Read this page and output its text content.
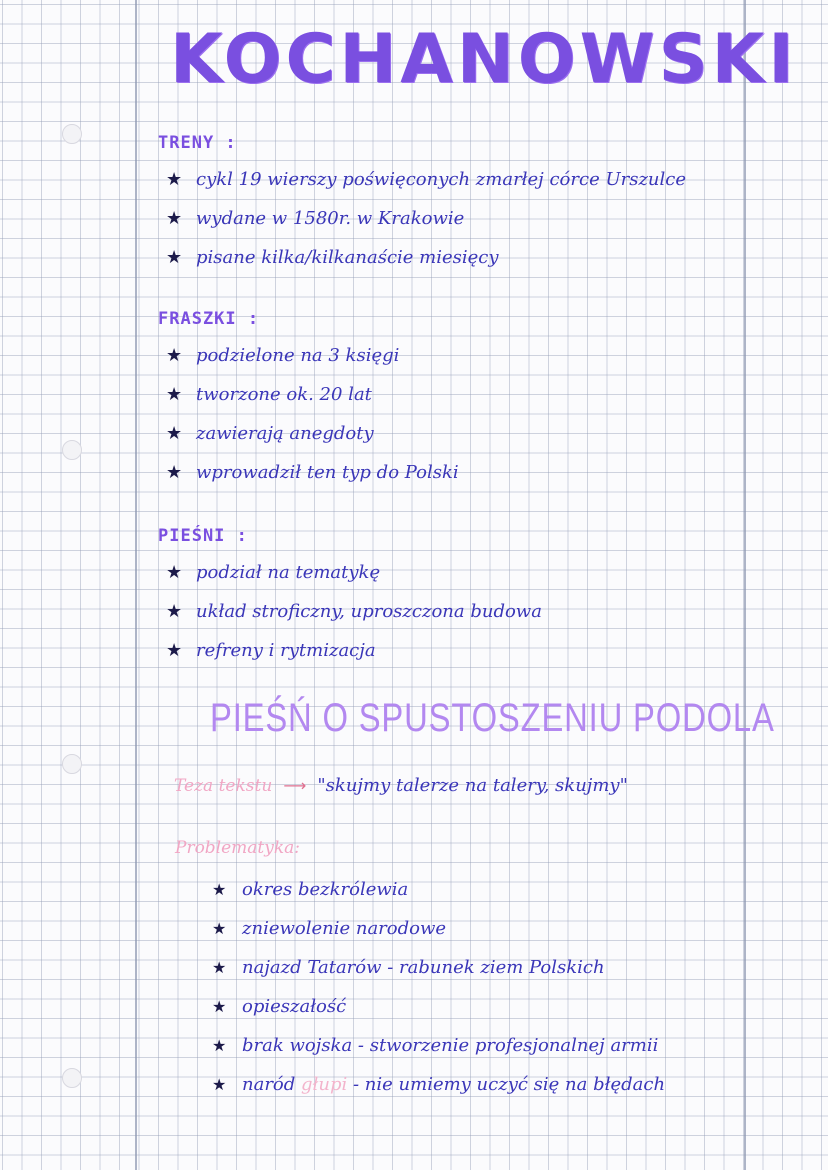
KOCHANOWSKI
TRENY :
★ cykl 19 wierszy poświęconych zmarłej córce Urszulce
★ wydane w 1580r. w Krakowie
★ pisane kilka/kilkanaście miesięcy
FRASZKI :
★ podzielone na 3 księgi
★ tworzone ok. 20 lat
★ zawierają anegdoty
★ wprowadził ten typ do Polski
PIEŚNI :
★ podział na tematykę
★ układ stroficzny, uproszczona budowa
★ refreny i rytmizacja
PIEŚŃ O SPUSTOSZENIU PODOLA
Teza tekstu ⟶ "skujmy talerze na talery, skujmy"
Problematyka:
★ okres bezkrólewia
★ zniewolenie narodowe
★ najazd Tatarów - rabunek ziem Polskich
★ opieszałość
★ brak wojska - stworzenie profesjonalnej armii
★ naród głupi - nie umiemy uczyć się na błędach
